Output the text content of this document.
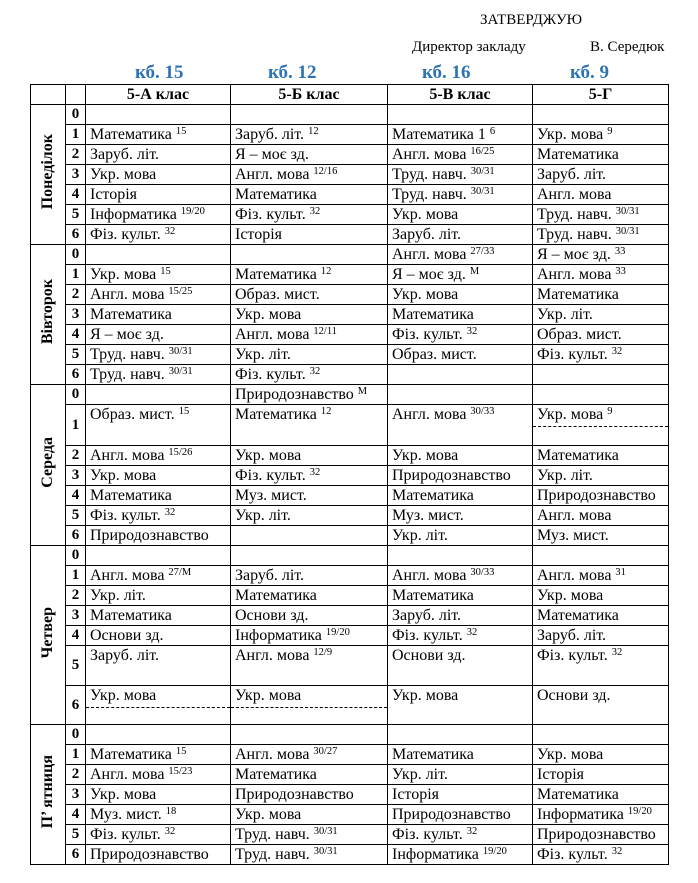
ЗАТВЕРДЖУЮ
Директор закладу	В. Середюк
кб. 15	кб. 12	кб. 16	кб. 9
		5-А клас	5-Б клас	5-В клас	5-Г
Понеділок	0	

	1	Математика $^{15}$	Заруб. літ. $^{12}$	Математика 1 $^6$	Укр. мова $^9$

	2	Заруб. літ.	Я – моє зд.	Англ. мова $^{16/25}$	Математика

	3	Укр. мова	Англ. мова $^{12/16}$	Труд. навч. $^{30/31}$	Заруб. літ.

	4	Історія	Математика	Труд. навч. $^{30/31}$	Англ. мова

	5	Інформатика $^{19/20}$	Фіз. культ. $^{32}$	Укр. мова	Труд. навч. $^{30/31}$

	6	Фіз. культ. $^{32}$	Історія	Заруб. літ.	Труд. навч. $^{30/31}$

Вівторок	0			Англ. мова $^{27/33}$	Я – моє зд. $^{33}$

	1	Укр. мова $^{15}$	Математика $^{12}$	Я – моє зд. $^М$	Англ. мова $^{33}$

	2	Англ. мова $^{15/25}$	Образ. мист.	Укр. мова	Математика

	3	Математика	Укр. мова	Математика	Укр. літ.

	4	Я – моє зд.	Англ. мова $^{12/11}$	Фіз. культ. $^{32}$	Образ. мист.

	5	Труд. навч. $^{30/31}$	Укр. літ.	Образ. мист.	Фіз. культ. $^{32}$

	6	Труд. навч. $^{30/31}$	Фіз. культ. $^{32}$

Середа	0		Природознавство $^М$

	1	Образ. мист. $^{15}$	Математика $^{12}$	Англ. мова $^{30/33}$	Укр. мова $^9$

	2	Англ. мова $^{15/26}$	Укр. мова	Укр. мова	Математика

	3	Укр. мова	Фіз. культ. $^{32}$	Природознавство	Укр. літ.

	4	Математика	Муз. мист.	Математика	Природознавство

	5	Фіз. культ. $^{32}$	Укр. літ.	Муз. мист.	Англ. мова

	6	Природознавство		Укр. літ.	Муз. мист.

Четвер	0	

	1	Англ. мова $^{27/М}$	Заруб. літ.	Англ. мова $^{30/33}$	Англ. мова $^{31}$

	2	Укр. літ.	Математика	Математика	Укр. мова

	3	Математика	Основи зд.	Заруб. літ.	Математика

	4	Основи зд.	Інформатика $^{19/20}$	Фіз. культ. $^{32}$	Заруб. літ.

	5	Заруб. літ.	Англ. мова $^{12/9}$	Основи зд.	Фіз. культ. $^{32}$

	6	Укр. мова	Укр. мова	Укр. мова	Основи зд.

П’ ятниця	0	

	1	Математика $^{15}$	Англ. мова $^{30/27}$	Математика	Укр. мова

	2	Англ. мова $^{15/23}$	Математика	Укр. літ.	Історія

	3	Укр. мова	Природознавство	Історія	Математика

	4	Муз. мист. $^{18}$	Укр. мова	Природознавство	Інформатика $^{19/20}$

	5	Фіз. культ. $^{32}$	Труд. навч. $^{30/31}$	Фіз. культ. $^{32}$	Природознавство

	6	Природознавство	Труд. навч. $^{30/31}$	Інформатика $^{19/20}$	Фіз. культ. $^{32}$
